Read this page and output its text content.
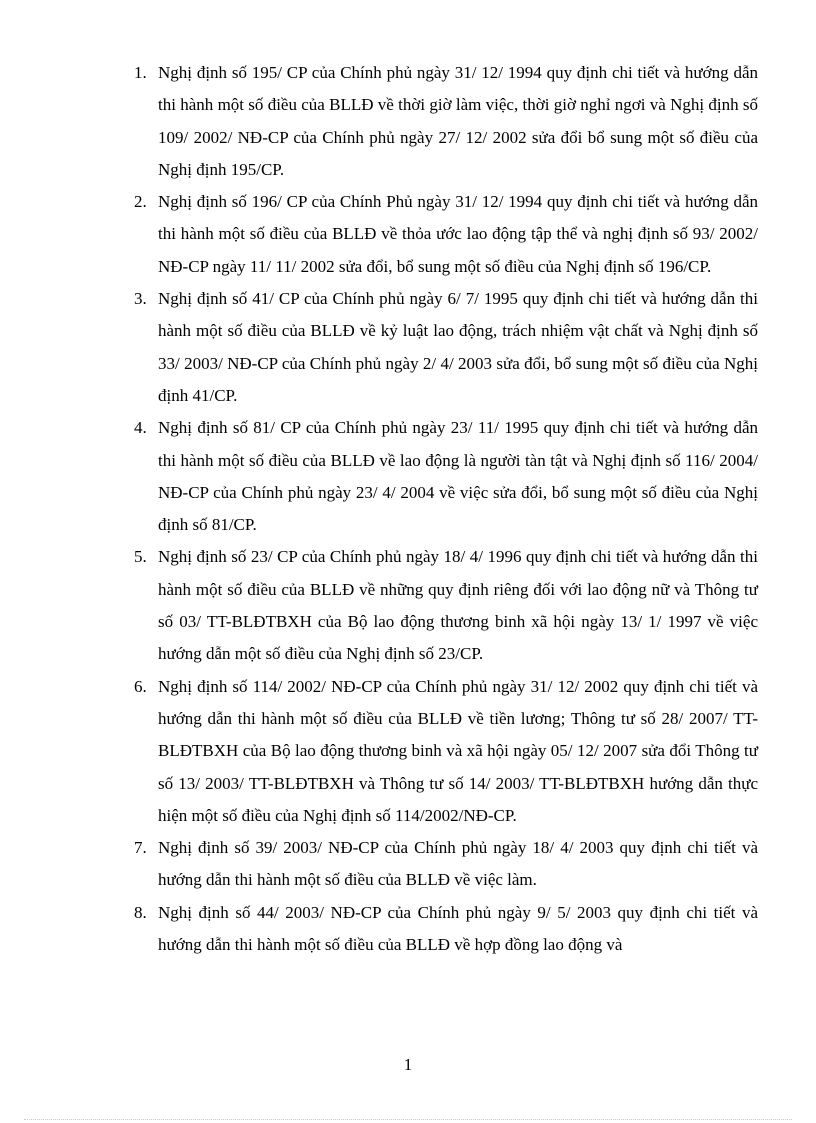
1. Nghị định số 195/ CP của Chính phủ ngày 31/ 12/ 1994 quy định chi tiết và hướng dẫn thi hành một số điều của BLLĐ về thời giờ làm việc, thời giờ nghỉ ngơi và Nghị định số 109/ 2002/ NĐ-CP của Chính phủ ngày 27/ 12/ 2002 sửa đổi bổ sung một số điều của Nghị định 195/CP.
2. Nghị định số 196/ CP của Chính Phủ ngày 31/ 12/ 1994 quy định chi tiết và hướng dẫn thi hành một số điều của BLLĐ về thỏa ước lao động tập thể và nghị định số 93/ 2002/ NĐ-CP ngày 11/ 11/ 2002 sửa đổi, bổ sung một số điều của Nghị định số 196/CP.
3. Nghị định số 41/ CP của Chính phủ ngày 6/ 7/ 1995 quy định chi tiết và hướng dẫn thi hành một số điều của BLLĐ về kỷ luật lao động, trách nhiệm vật chất và Nghị định số 33/ 2003/ NĐ-CP của Chính phủ ngày 2/ 4/ 2003 sửa đổi, bổ sung một số điều của Nghị định 41/CP.
4. Nghị định số 81/ CP của Chính phủ ngày 23/ 11/ 1995 quy định chi tiết và hướng dẫn thi hành một số điều của BLLĐ về lao động là người tàn tật và Nghị định số 116/ 2004/ NĐ-CP của Chính phủ ngày 23/ 4/ 2004 về việc sửa đổi, bổ sung một số điều của Nghị định số 81/CP.
5. Nghị định số 23/ CP của Chính phủ ngày 18/ 4/ 1996 quy định chi tiết và hướng dẫn thi hành một số điều của BLLĐ về những quy định riêng đối với lao động nữ và Thông tư số 03/ TT-BLĐTBXH của Bộ lao động thương binh xã hội ngày 13/ 1/ 1997 về việc hướng dẫn một số điều của Nghị định số 23/CP.
6. Nghị định số 114/ 2002/ NĐ-CP của Chính phủ ngày 31/ 12/ 2002 quy định chi tiết và hướng dẫn thi hành một số điều của BLLĐ về tiền lương; Thông tư số 28/ 2007/ TT-BLĐTBXH của Bộ lao động thương binh và xã hội ngày 05/ 12/ 2007 sửa đổi Thông tư số 13/ 2003/ TT-BLĐTBXH và Thông tư số 14/ 2003/ TT-BLĐTBXH hướng dẫn thực hiện một số điều của Nghị định số 114/2002/NĐ-CP.
7. Nghị định số 39/ 2003/ NĐ-CP của Chính phủ ngày 18/ 4/ 2003 quy định chi tiết và hướng dẫn thi hành một số điều của BLLĐ về việc làm.
8. Nghị định số 44/ 2003/ NĐ-CP của Chính phủ ngày 9/ 5/ 2003 quy định chi tiết và hướng dẫn thi hành một số điều của BLLĐ về hợp đồng lao động và
1
